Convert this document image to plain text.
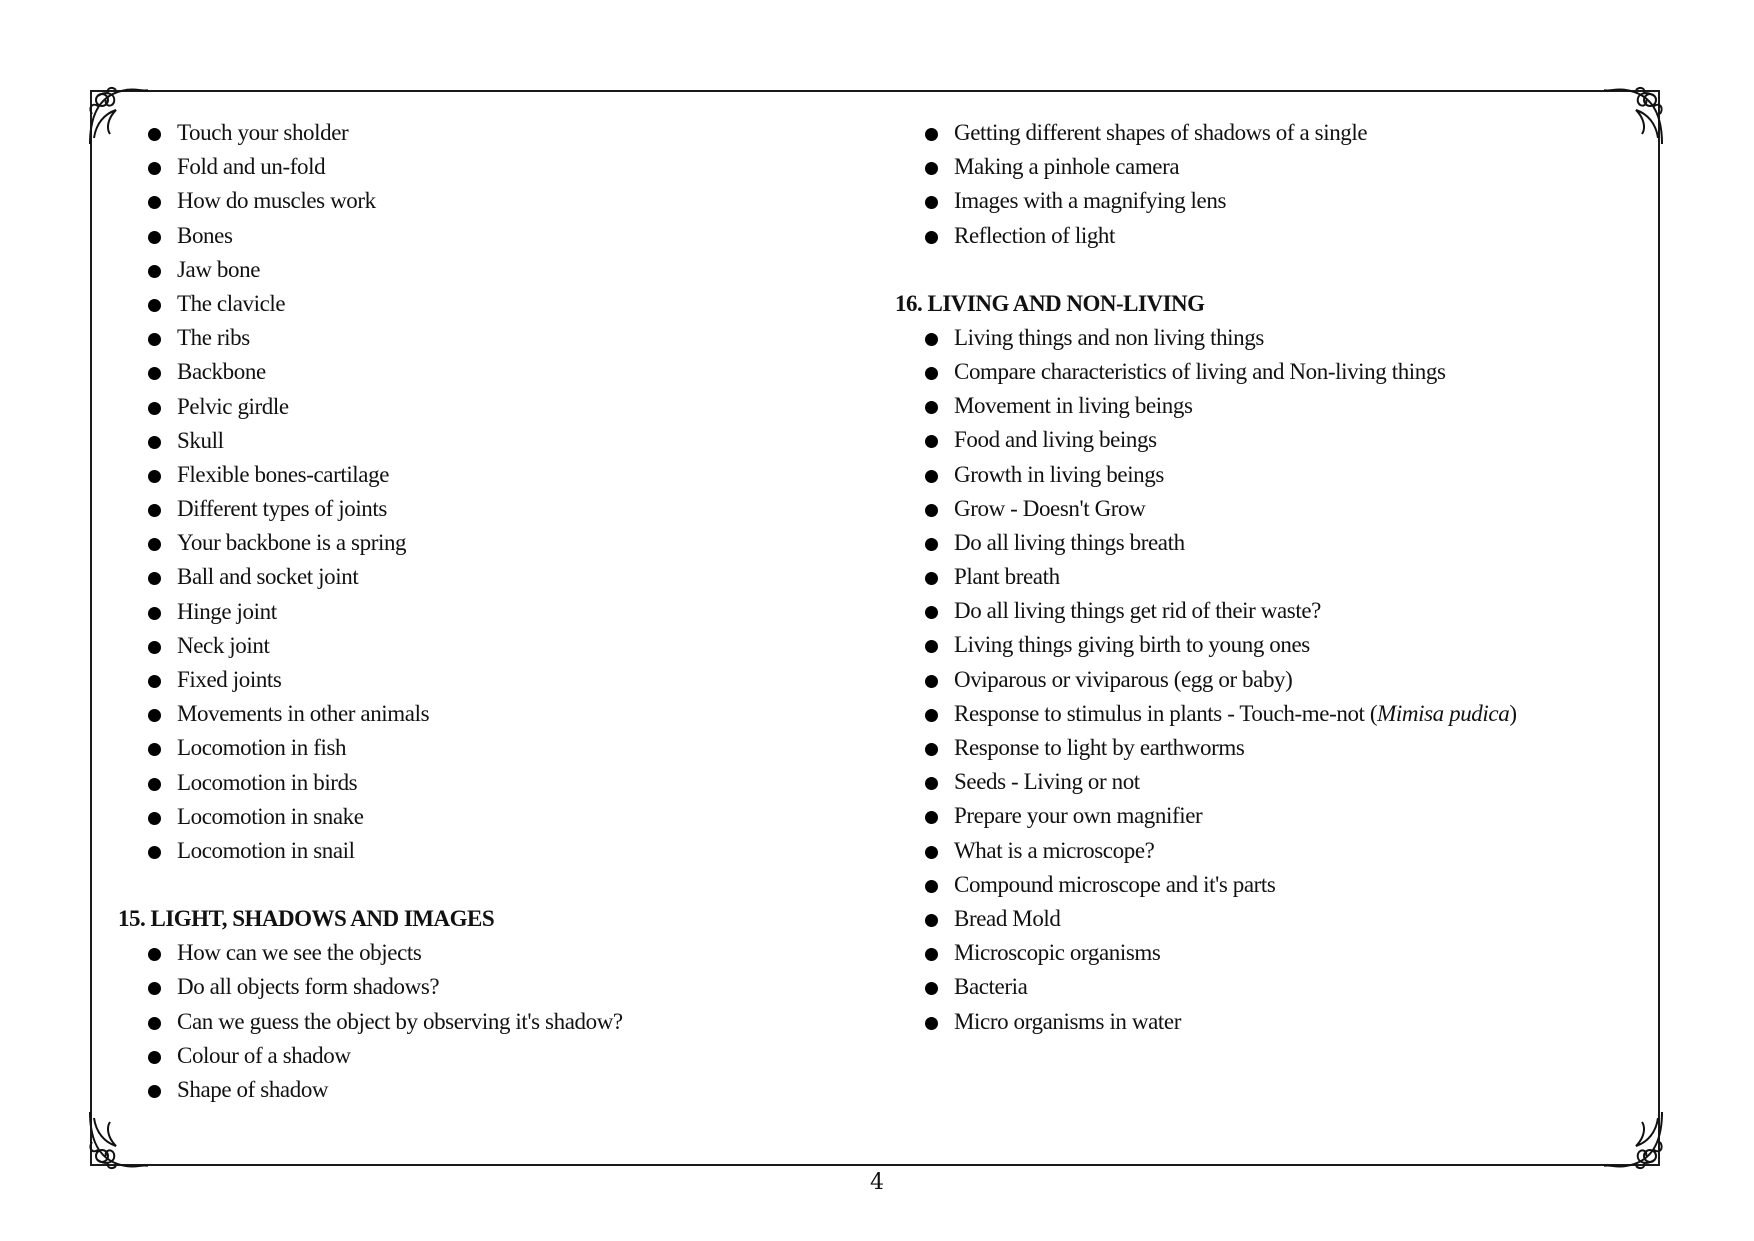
Touch your sholder
Fold and un-fold
How do muscles work
Bones
Jaw bone
The clavicle
The ribs
Backbone
Pelvic girdle
Skull
Flexible bones-cartilage
Different types of joints
Your backbone is a spring
Ball and socket joint
Hinge joint
Neck joint
Fixed joints
Movements in other animals
Locomotion in fish
Locomotion in birds
Locomotion in snake
Locomotion in snail
15. LIGHT, SHADOWS AND IMAGES
How can we see the objects
Do all objects form shadows?
Can we guess the object by observing it's shadow?
Colour of a shadow
Shape of shadow
Getting different shapes of shadows of a single
Making a pinhole camera
Images with a magnifying lens
Reflection of light
16. LIVING AND NON-LIVING
Living things and non living things
Compare characteristics of living and Non-living things
Movement in living beings
Food and living beings
Growth in living beings
Grow - Doesn't Grow
Do all living things breath
Plant breath
Do all living things get rid of their waste?
Living things giving birth to young ones
Oviparous or viviparous (egg or baby)
Response to stimulus in plants - Touch-me-not (Mimisa pudica)
Response to light by earthworms
Seeds - Living or not
Prepare your own magnifier
What is a microscope?
Compound microscope and it's parts
Bread Mold
Microscopic organisms
Bacteria
Micro organisms in water
4
